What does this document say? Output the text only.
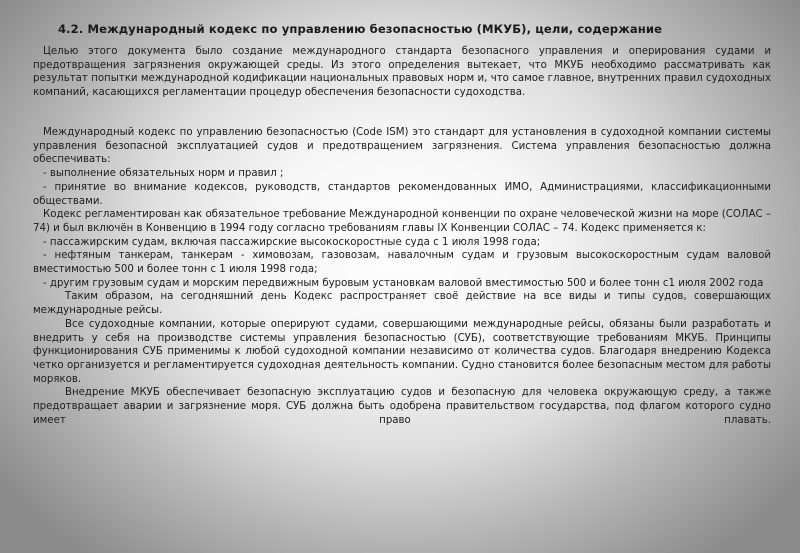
4.2. Международный кодекс по управлению безопасностью (МКУБ), цели, содержание

Целью этого документа было создание международного стандарта безопасного управления и оперирования судами и предотвращения загрязнения окружающей среды. Из этого определения вытекает, что МКУБ необходимо рассматривать как результат попытки международной кодификации национальных правовых норм и, что самое главное, внутренних правил судоходных компаний, касающихся регламентации процедур обеспечения безопасности судоходства.

Международный кодекс по управлению безопасностью (Code ISM) это стандарт для установления в судоходной компании системы управления безопасной эксплуатацией судов и предотвращением загрязнения. Система управления безопасностью должна обеспечивать:
- выполнение обязательных норм и правил ;
- принятие во внимание кодексов, руководств, стандартов рекомендованных ИМО, Администрациями, классификационными обществами.
Кодекс регламентирован как обязательное требование Международной конвенции по охране человеческой жизни на море (СОЛАС – 74) и был включён в Конвенцию в 1994 году согласно требованиям главы IX Конвенции СОЛАС – 74. Кодекс применяется к:
- пассажирским судам, включая пассажирские высокоскоростные суда с 1 июля 1998 года;
- нефтяным танкерам, танкерам - химовозам, газовозам, навалочным судам и грузовым высокоскоростным судам валовой вместимостью 500 и более тонн с 1 июля 1998 года;
- другим грузовым судам и морским передвижным буровым установкам валовой вместимостью 500 и более тонн с1 июля 2002 года
Таким образом, на сегодняшний день Кодекс распространяет своё действие на все виды и типы судов, совершающих международные рейсы.
Все судоходные компании, которые оперируют судами, совершающими международные рейсы, обязаны были разработать и внедрить у себя на производстве системы управления безопасностью (СУБ), соответствующие требованиям МКУБ. Принципы функционирования СУБ применимы к любой судоходной компании независимо от количества судов. Благодаря внедрению Кодекса четко организуется и регламентируется судоходная деятельность компании. Судно становится более безопасным местом для работы моряков.
Внедрение МКУБ обеспечивает безопасную эксплуатацию судов и безопасную для человека окружающую среду, а также предотвращает аварии и загрязнение моря. СУБ должна быть одобрена правительством государства, под флагом которого судно имеет право плавать.
